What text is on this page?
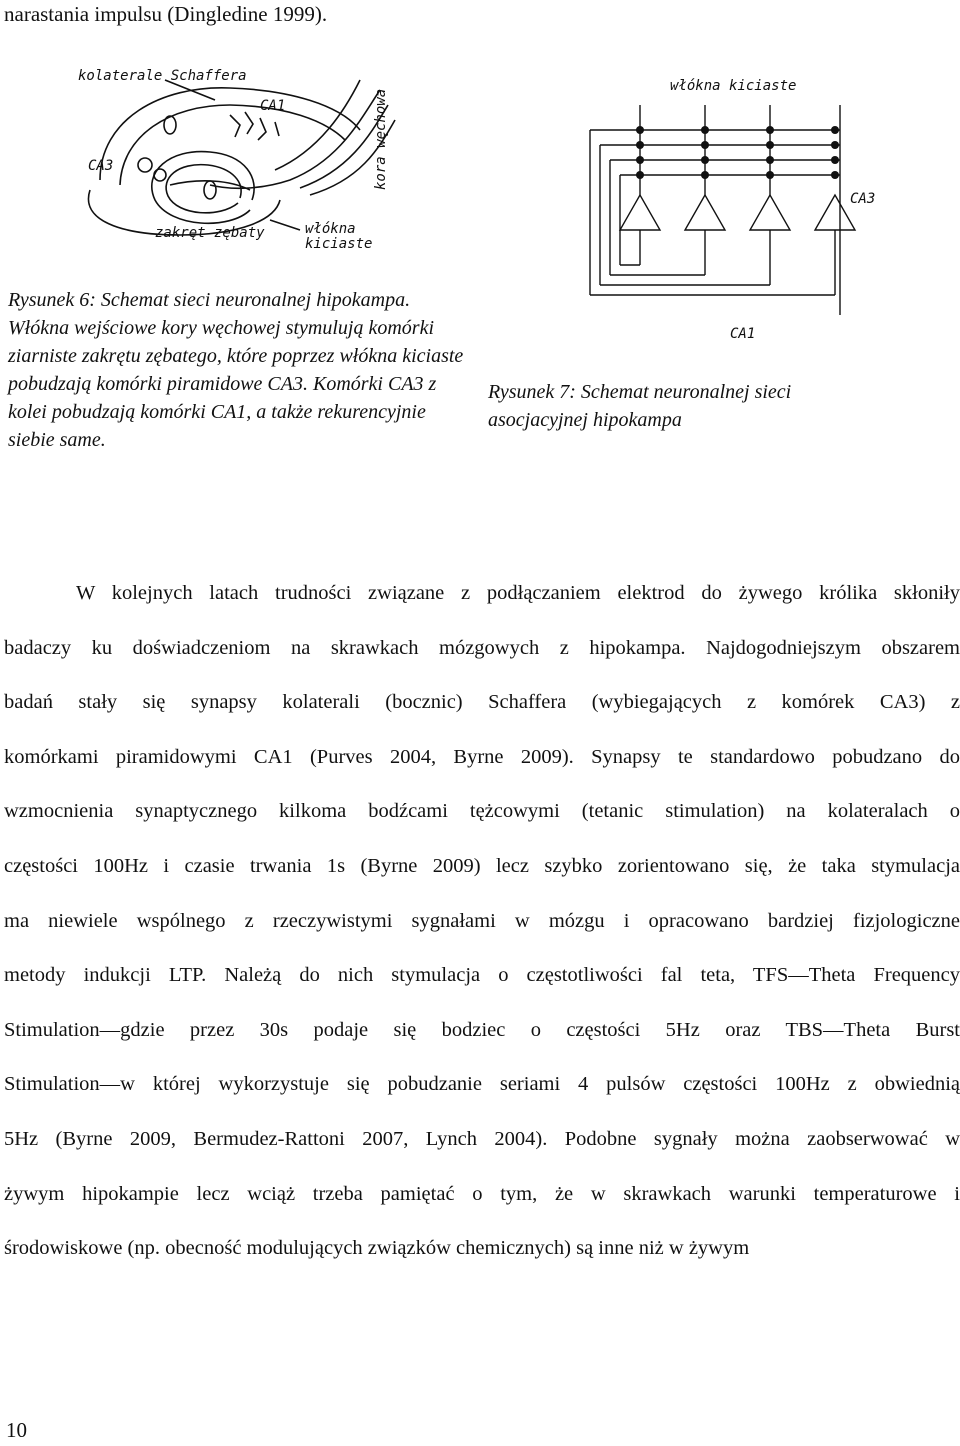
narastania impulsu (Dingledine 1999).
kolaterale Schaffera
CA1
CA3
zakręt zębaty	włókna
kiciaste
kora węchowa
włókna kiciaste
CA3
CA1
Rysunek 6: Schemat sieci neuronalnej hipokampa. Włókna wejściowe kory węchowej stymulują komórki ziarniste zakrętu zębatego, które poprzez włókna kiciaste pobudzają komórki piramidowe CA3. Komórki CA3 z kolei pobudzają komórki CA1, a także rekurencyjnie siebie same.
Rysunek 7: Schemat neuronalnej sieci asocjacyjnej hipokampa
W kolejnych latach trudności związane z podłączaniem elektrod do żywego królika skłoniły
badaczy ku doświadczeniom na skrawkach mózgowych z hipokampa. Najdogodniejszym obszarem
badań stały się synapsy kolaterali (bocznic) Schaffera (wybiegających z komórek CA3) z
komórkami piramidowymi CA1 (Purves 2004, Byrne 2009). Synapsy te standardowo pobudzano do
wzmocnienia synaptycznego kilkoma bodźcami tężcowymi (tetanic stimulation) na kolateralach o
częstości 100Hz i czasie trwania 1s (Byrne 2009) lecz szybko zorientowano się, że taka stymulacja
ma niewiele wspólnego z rzeczywistymi sygnałami w mózgu i opracowano bardziej fizjologiczne
metody indukcji LTP. Należą do nich stymulacja o częstotliwości fal teta, TFS—Theta Frequency
Stimulation—gdzie przez 30s podaje się bodziec o częstości 5Hz oraz TBS—Theta Burst
Stimulation—w której wykorzystuje się pobudzanie seriami 4 pulsów częstości 100Hz z obwiednią
5Hz (Byrne 2009, Bermudez-Rattoni 2007, Lynch 2004). Podobne sygnały można zaobserwować w
żywym hipokampie lecz wciąż trzeba pamiętać o tym, że w skrawkach warunki temperaturowe i
środowiskowe (np. obecność modulujących związków chemicznych) są inne niż w żywym
10
